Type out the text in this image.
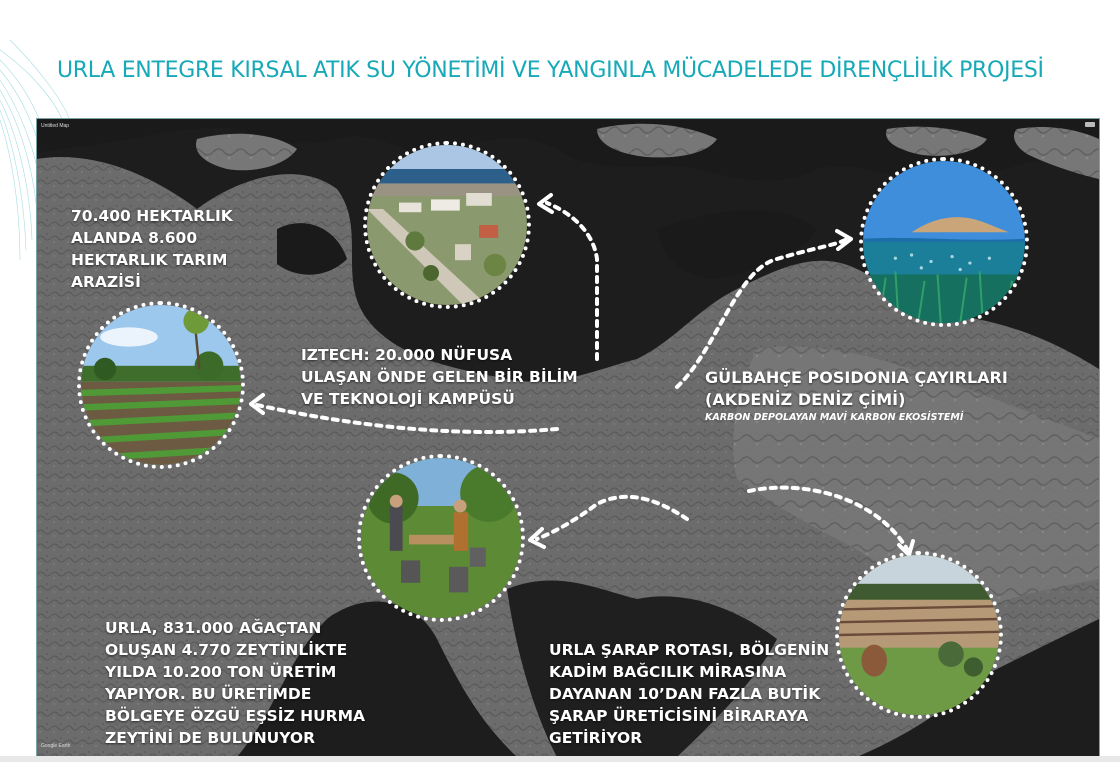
URLA ENTEGRE KIRSAL ATIK SU YÖNETİMİ VE YANGINLA MÜCADELEDE DİRENÇLİLİK PROJESİ
Untitled Map
Google Earth
70.400 HEKTARLIK
ALANDA 8.600
HEKTARLIK TARIM
ARAZİSİ
IZTECH: 20.000 NÜFUSA
ULAŞAN ÖNDE GELEN BİR BİLİM
VE TEKNOLOJİ KAMPÜSÜ
GÜLBAHÇE POSIDONIA ÇAYIRLARI
(AKDENİZ DENİZ ÇİMİ)
KARBON DEPOLAYAN MAVİ KARBON EKOSİSTEMİ
URLA, 831.000 AĞAÇTAN
OLUŞAN 4.770 ZEYTİNLİKTE
YILDA 10.200 TON ÜRETİM
YAPIYOR. BU ÜRETİMDE
BÖLGEYE ÖZGÜ EŞSİZ HURMA
ZEYTİNİ DE BULUNUYOR
URLA ŞARAP ROTASI, BÖLGENİN
KADİM BAĞCILIK MİRASINA
DAYANAN 10’DAN FAZLA BUTİK
ŞARAP ÜRETİCİSİNİ BİRARAYA
GETİRİYOR
